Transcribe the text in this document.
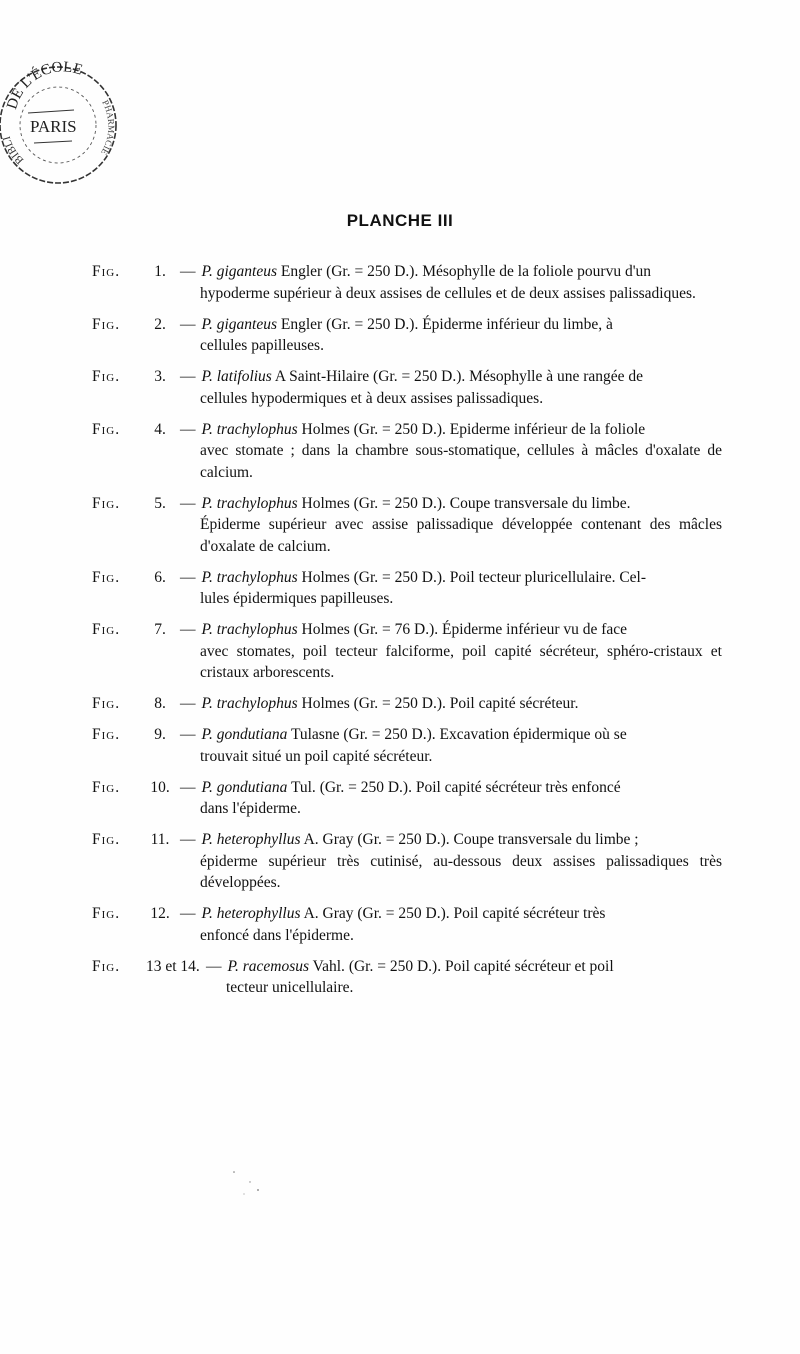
DE L'ÉCOLE
BIBLI
PHARMACIE
PARIS
PLANCHE III
Fig.	1. — P. giganteus Engler (Gr. = 250 D.). Mésophylle de la foliole pourvu d'un
hypoderme supérieur à deux assises de cellules et de deux assises palissadiques.
Fig.	2. — P. giganteus Engler (Gr. = 250 D.). Épiderme inférieur du limbe, à
cellules papilleuses.
Fig.	3. — P. latifolius A Saint-Hilaire (Gr. = 250 D.). Mésophylle à une rangée de
cellules hypodermiques et à deux assises palissadiques.
Fig.	4. — P. trachylophus Holmes (Gr. = 250 D.). Epiderme inférieur de la foliole
avec stomate ; dans la chambre sous-stomatique, cellules à mâcles d'oxalate de calcium.
Fig.	5. — P. trachylophus Holmes (Gr. = 250 D.). Coupe transversale du limbe.
Épiderme supérieur avec assise palissadique développée contenant des mâcles d'oxalate de calcium.
Fig.	6. — P. trachylophus Holmes (Gr. = 250 D.). Poil tecteur pluricellulaire. Cel-
lules épidermiques papilleuses.
Fig.	7. — P. trachylophus Holmes (Gr. = 76 D.). Épiderme inférieur vu de face
avec stomates, poil tecteur falciforme, poil capité sécréteur, sphéro-cristaux et cristaux arborescents.
Fig.	8. — P. trachylophus Holmes (Gr. = 250 D.). Poil capité sécréteur.
Fig.	9. — P. gondutiana Tulasne (Gr. = 250 D.). Excavation épidermique où se
trouvait situé un poil capité sécréteur.
Fig.	10. — P. gondutiana Tul. (Gr. = 250 D.). Poil capité sécréteur très enfoncé
dans l'épiderme.
Fig.	11. — P. heterophyllus A. Gray (Gr. = 250 D.). Coupe transversale du limbe ;
épiderme supérieur très cutinisé, au-dessous deux assises palissadiques très développées.
Fig.	12. — P. heterophyllus A. Gray (Gr. = 250 D.). Poil capité sécréteur très
enfoncé dans l'épiderme.
Fig.	13 et 14. — P. racemosus Vahl. (Gr. = 250 D.). Poil capité sécréteur et poil
tecteur unicellulaire.
